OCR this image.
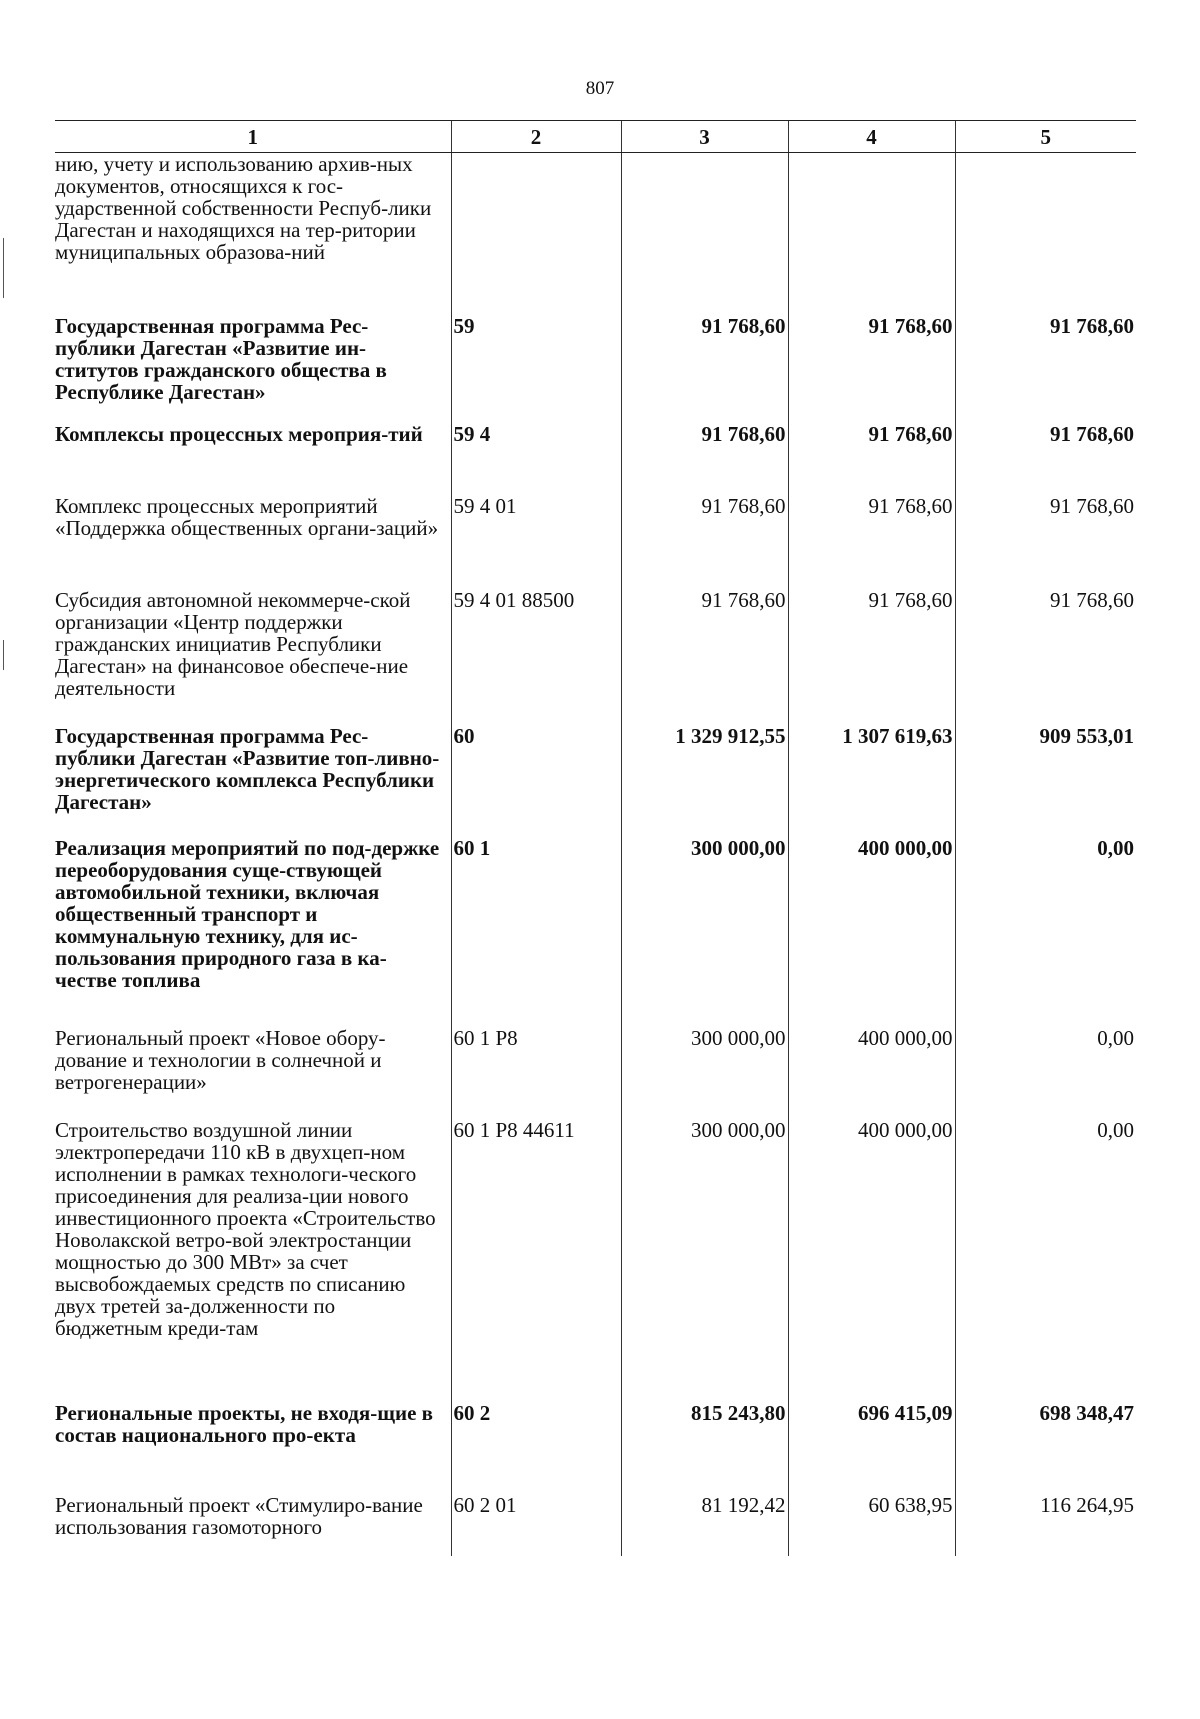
807
1	2	3	4	5
нию, учету и использованию архив-ных документов, относящихся к гос-ударственной собственности Респуб-лики Дагестан и находящихся на тер-ритории муниципальных образова-ний				
Государственная программа Рес-публики Дагестан «Развитие ин-ститутов гражданского общества в Республике Дагестан»	59	91 768,60	91 768,60	91 768,60
Комплексы процессных мероприя-тий	59 4	91 768,60	91 768,60	91 768,60
Комплекс процессных мероприятий «Поддержка общественных органи-заций»	59 4 01	91 768,60	91 768,60	91 768,60
Субсидия автономной некоммерче-ской организации «Центр поддержки гражданских инициатив Республики Дагестан» на финансовое обеспече-ние деятельности	59 4 01 88500	91 768,60	91 768,60	91 768,60
Государственная программа Рес-публики Дагестан «Развитие топ-ливно-энергетического комплекса Республики Дагестан»	60	1 329 912,55	1 307 619,63	909 553,01
Реализация мероприятий по под-держке переоборудования суще-ствующей автомобильной техники, включая общественный транспорт и коммунальную технику, для ис-пользования природного газа в ка-честве топлива	60 1	300 000,00	400 000,00	0,00
Региональный проект «Новое обору-дование и технологии в солнечной и ветрогенерации»	60 1 P8	300 000,00	400 000,00	0,00
Строительство воздушной линии электропередачи 110 кВ в двухцеп-ном исполнении в рамках технологи-ческого присоединения для реализа-ции нового инвестиционного проекта «Строительство Новолакской ветро-вой электростанции мощностью до 300 МВт» за счет высвобождаемых средств по списанию двух третей за-долженности по бюджетным креди-там	60 1 P8 44611	300 000,00	400 000,00	0,00
Региональные проекты, не входя-щие в состав национального про-екта	60 2	815 243,80	696 415,09	698 348,47
Региональный проект «Стимулиро-вание использования газомоторного	60 2 01	81 192,42	60 638,95	116 264,95
